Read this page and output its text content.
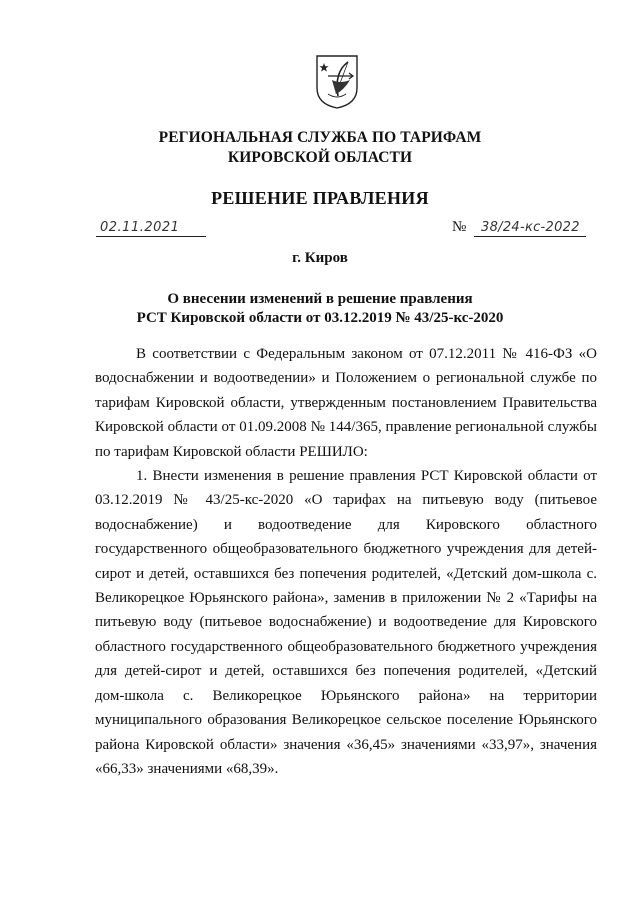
РЕГИОНАЛЬНАЯ СЛУЖБА ПО ТАРИФАМ
КИРОВСКОЙ ОБЛАСТИ
РЕШЕНИЕ ПРАВЛЕНИЯ
02.11.2021	№ 38/24-кс-2022
г. Киров
О внесении изменений в решение правления
РСТ Кировской области от 03.12.2019 № 43/25-кс-2020

В соответствии с Федеральным законом от 07.12.2011 № 416-ФЗ «О водоснабжении и водоотведении» и Положением о региональной службе по тарифам Кировской области, утвержденным постановлением Правительства Кировской области от 01.09.2008 № 144/365, правление региональной службы по тарифам Кировской области РЕШИЛО:

1. Внести изменения в решение правления РСТ Кировской области от 03.12.2019 № 43/25-кс-2020 «О тарифах на питьевую воду (питьевое водоснабжение) и водоотведение для Кировского областного государственного общеобразовательного бюджетного учреждения для детей-сирот и детей, оставшихся без попечения родителей, «Детский дом-школа с. Великорецкое Юрьянского района», заменив в приложении № 2 «Тарифы на питьевую воду (питьевое водоснабжение) и водоотведение для Кировского областного государственного общеобразовательного бюджетного учреждения для детей-сирот и детей, оставшихся без попечения родителей, «Детский дом-школа с. Великорецкое Юрьянского района» на территории муниципального образования Великорецкое сельское поселение Юрьянского района Кировской области» значения «36,45» значениями «33,97», значения «66,33» значениями «68,39».
